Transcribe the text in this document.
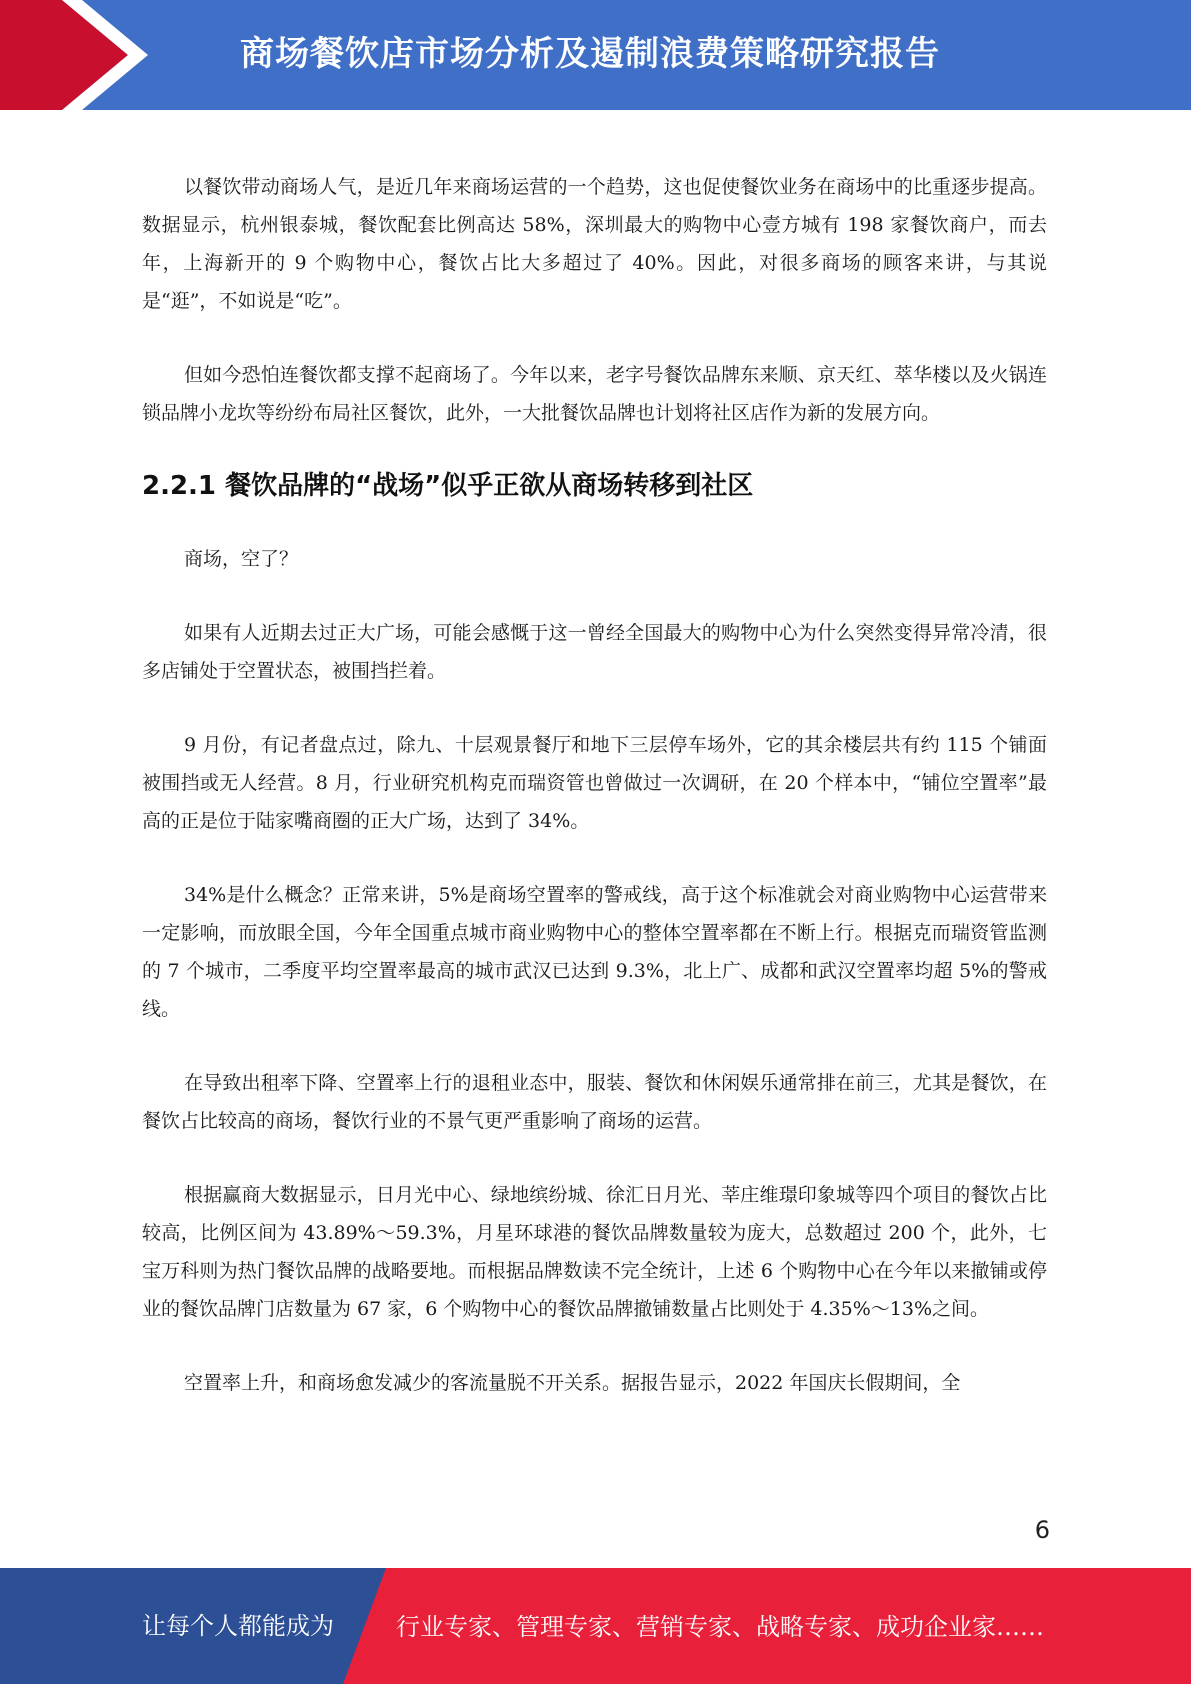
商场餐饮店市场分析及遏制浪费策略研究报告

以餐饮带动商场人气，是近几年来商场运营的一个趋势，这也促使餐饮业务在商场中的比重逐步提高。数据显示，杭州银泰城，餐饮配套比例高达 58%，深圳最大的购物中心壹方城有 198 家餐饮商户，而去年，上海新开的 9 个购物中心，餐饮占比大多超过了 40%。因此，对很多商场的顾客来讲，与其说是“逛”，不如说是“吃”。

但如今恐怕连餐饮都支撑不起商场了。今年以来，老字号餐饮品牌东来顺、京天红、萃华楼以及火锅连锁品牌小龙坎等纷纷布局社区餐饮，此外，一大批餐饮品牌也计划将社区店作为新的发展方向。

2.2.1 餐饮品牌的“战场”似乎正欲从商场转移到社区

商场，空了？

如果有人近期去过正大广场，可能会感慨于这一曾经全国最大的购物中心为什么突然变得异常冷清，很多店铺处于空置状态，被围挡拦着。

9 月份，有记者盘点过，除九、十层观景餐厅和地下三层停车场外，它的其余楼层共有约 115 个铺面被围挡或无人经营。8 月，行业研究机构克而瑞资管也曾做过一次调研，在 20 个样本中，“铺位空置率”最高的正是位于陆家嘴商圈的正大广场，达到了 34%。

34%是什么概念？正常来讲，5%是商场空置率的警戒线，高于这个标准就会对商业购物中心运营带来一定影响，而放眼全国，今年全国重点城市商业购物中心的整体空置率都在不断上行。根据克而瑞资管监测的 7 个城市，二季度平均空置率最高的城市武汉已达到 9.3%，北上广、成都和武汉空置率均超 5%的警戒线。

在导致出租率下降、空置率上行的退租业态中，服装、餐饮和休闲娱乐通常排在前三，尤其是餐饮，在餐饮占比较高的商场，餐饮行业的不景气更严重影响了商场的运营。

根据赢商大数据显示，日月光中心、绿地缤纷城、徐汇日月光、莘庄维璟印象城等四个项目的餐饮占比较高，比例区间为 43.89%～59.3%，月星环球港的餐饮品牌数量较为庞大，总数超过 200 个，此外，七宝万科则为热门餐饮品牌的战略要地。而根据品牌数读不完全统计，上述 6 个购物中心在今年以来撤铺或停业的餐饮品牌门店数量为 67 家，6 个购物中心的餐饮品牌撤铺数量占比则处于 4.35%～13%之间。

空置率上升，和商场愈发减少的客流量脱不开关系。据报告显示，2022 年国庆长假期间，全

6
让每个人都能成为	行业专家、管理专家、营销专家、战略专家、成功企业家……
